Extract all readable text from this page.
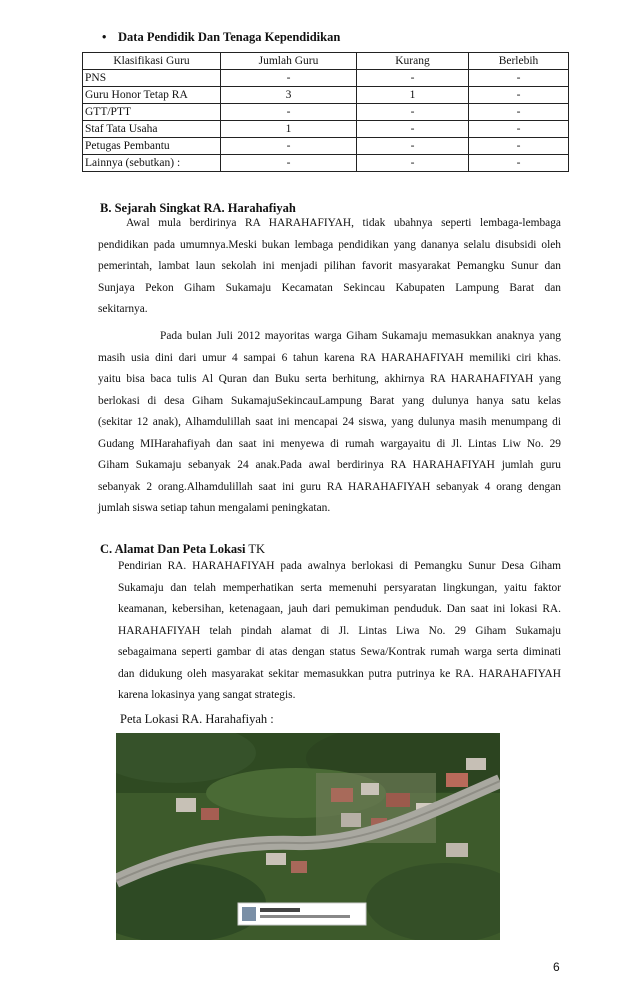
• Data Pendidik Dan Tenaga Kependidikan
Klasifikasi Guru	Jumlah Guru	Kurang	Berlebih
PNS	-	-	-
Guru Honor Tetap RA	3	1	-
GTT/PTT	-	-	-
Staf Tata Usaha	1	-	-
Petugas Pembantu	-	-	-
Lainnya (sebutkan) :	-	-	-
B. Sejarah Singkat RA. Harahafiyah
Awal mula berdirinya RA HARAHAFIYAH, tidak ubahnya seperti lembaga-lembaga
pendidikan pada umumnya.Meski bukan lembaga pendidikan yang dananya selalu disubsidi oleh
pemerintah, lambat laun sekolah ini menjadi pilihan favorit masyarakat Pemangku Sunur dan
Sunjaya Pekon Giham Sukamaju Kecamatan Sekincau Kabupaten Lampung Barat dan
sekitarnya.
Pada bulan Juli 2012 mayoritas warga Giham Sukamaju memasukkan anaknya yang
masih usia dini dari umur 4 sampai 6 tahun karena RA HARAHAFIYAH memiliki ciri khas.
yaitu bisa baca tulis Al Quran dan Buku serta berhitung, akhirnya RA HARAHAFIYAH yang
berlokasi di desa Giham SukamajuSekincauLampung Barat yang dulunya hanya satu kelas
(sekitar 12 anak), Alhamdulillah saat ini mencapai 24 siswa, yang dulunya masih menumpang di
Gudang MIHarahafiyah dan saat ini menyewa di rumah wargayaitu di Jl. Lintas Liw No. 29
Giham Sukamaju sebanyak 24 anak.Pada awal berdirinya RA HARAHAFIYAH jumlah guru
sebanyak 2 orang.Alhamdulillah saat ini guru RA HARAHAFIYAH sebanyak 4 orang dengan
jumlah siswa setiap tahun mengalami peningkatan.
C. Alamat Dan Peta Lokasi TK
Pendirian RA. HARAHAFIYAH pada awalnya berlokasi di Pemangku Sunur Desa Giham
Sukamaju dan telah memperhatikan serta memenuhi persyaratan lingkungan, yaitu faktor
keamanan, kebersihan, ketenagaan, jauh dari pemukiman penduduk. Dan saat ini lokasi RA.
HARAHAFIYAH telah pindah alamat di Jl. Lintas Liwa No. 29 Giham Sukamaju
sebagaimana seperti gambar di atas dengan status Sewa/Kontrak rumah warga serta diminati
dan didukung oleh masyarakat sekitar memasukkan putra putrinya ke RA. HARAHAFIYAH
karena lokasinya yang sangat strategis.
Peta Lokasi RA. Harahafiyah :
6
